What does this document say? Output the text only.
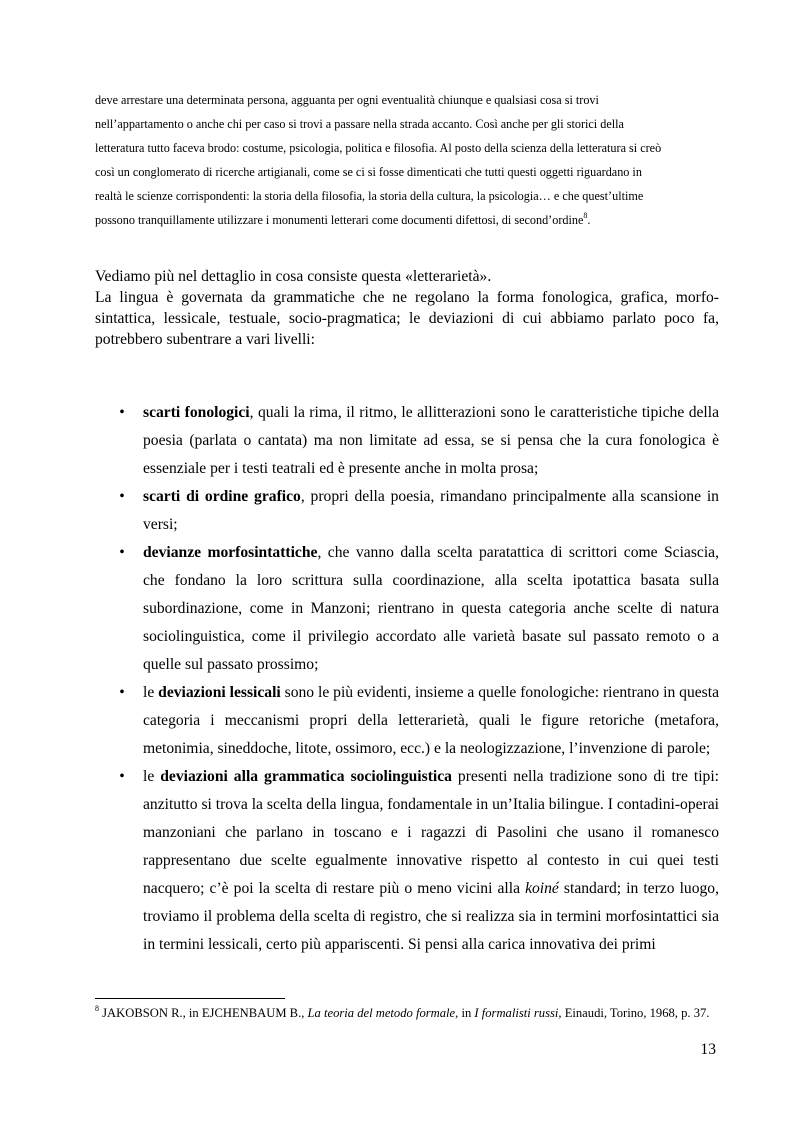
deve arrestare una determinata persona, agguanta per ogni eventualità chiunque e qualsiasi cosa si trovi

nell’appartamento o anche chi per caso si trovi a passare nella strada accanto. Così anche per gli storici della

letteratura tutto faceva brodo: costume, psicologia, politica e filosofia. Al posto della scienza della letteratura si creò

così un conglomerato di ricerche artigianali, come se ci si fosse dimenticati che tutti questi oggetti riguardano in

realtà le scienze corrispondenti: la storia della filosofia, la storia della cultura, la psicologia… e che quest’ultime

possono tranquillamente utilizzare i monumenti letterari come documenti difettosi, di second’ordine$^8$.

Vediamo più nel dettaglio in cosa consiste questa «letterarietà».

La lingua è governata da grammatiche che ne regolano la forma fonologica, grafica, morfo-sintattica, lessicale, testuale, socio-pragmatica; le deviazioni di cui abbiamo parlato poco fa, potrebbero subentrare a vari livelli:

•
scarti fonologici, quali la rima, il ritmo, le allitterazioni sono le caratteristiche tipiche della poesia (parlata o cantata) ma non limitate ad essa, se si pensa che la cura fonologica è essenziale per i testi teatrali ed è presente anche in molta prosa;
•
scarti di ordine grafico, propri della poesia, rimandano principalmente alla scansione in versi;
•
devianze morfosintattiche, che vanno dalla scelta paratattica di scrittori come Sciascia, che fondano la loro scrittura sulla coordinazione, alla scelta ipotattica basata sulla subordinazione, come in Manzoni; rientrano in questa categoria anche scelte di natura sociolinguistica, come il privilegio accordato alle varietà basate sul passato remoto o a quelle sul passato prossimo;
•
le deviazioni lessicali sono le più evidenti, insieme a quelle fonologiche: rientrano in questa categoria i meccanismi propri della letterarietà, quali le figure retoriche (metafora, metonimia, sineddoche, litote, ossimoro, ecc.) e la neologizzazione, l’invenzione di parole;
•
le deviazioni alla grammatica sociolinguistica presenti nella tradizione sono di tre tipi: anzitutto si trova la scelta della lingua, fondamentale in un’Italia bilingue. I contadini-operai manzoniani che parlano in toscano e i ragazzi di Pasolini che usano il romanesco rappresentano due scelte egualmente innovative rispetto al contesto in cui quei testi nacquero; c’è poi la scelta di restare più o meno vicini alla koiné standard; in terzo luogo, troviamo il problema della scelta di registro, che si realizza sia in termini morfosintattici sia in termini lessicali, certo più appariscenti. Si pensi alla carica innovativa dei primi

$^8$ JAKOBSON R., in EJCHENBAUM B., La teoria del metodo formale, in I formalisti russi, Einaudi, Torino, 1968, p. 37.

13
